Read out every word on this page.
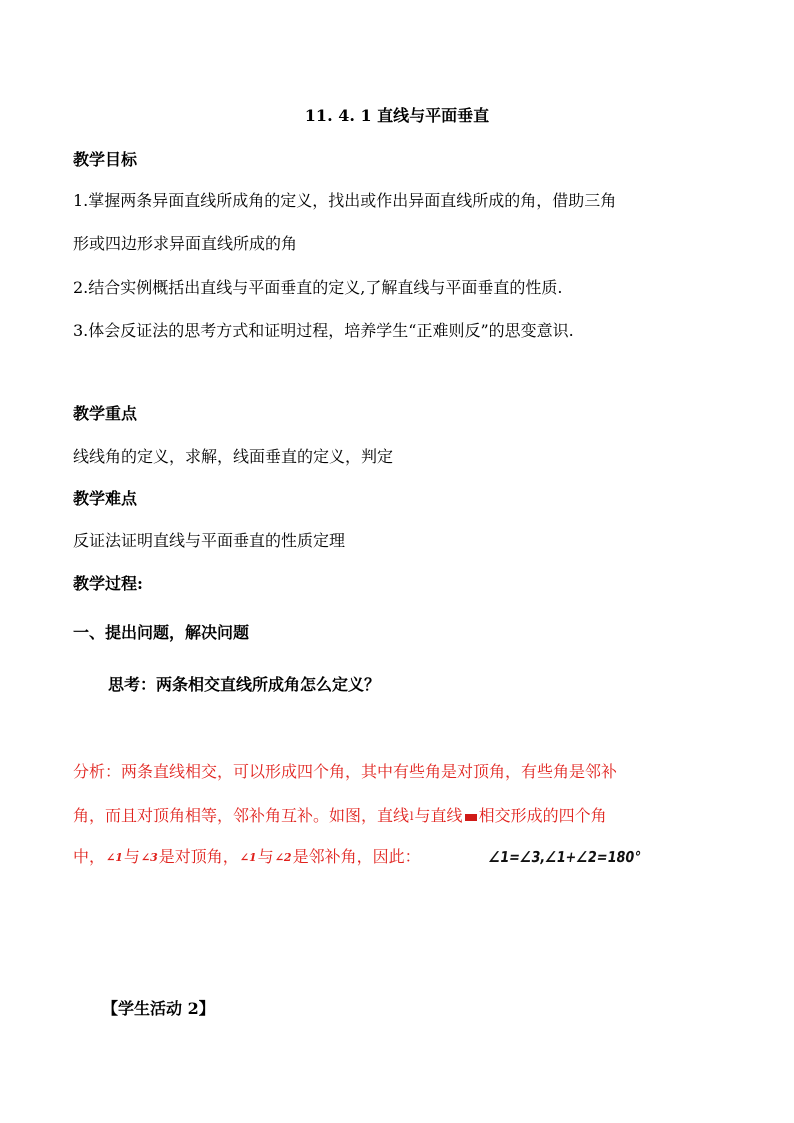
11. 4. 1 直线与平面垂直
教学目标
1.掌握两条异面直线所成角的定义，找出或作出异面直线所成的角，借助三角
形或四边形求异面直线所成的角
2.结合实例概括出直线与平面垂直的定义,了解直线与平面垂直的性质.
3.体会反证法的思考方式和证明过程，培养学生“正难则反”的思变意识.
教学重点
线线角的定义，求解，线面垂直的定义，判定
教学难点
反证法证明直线与平面垂直的性质定理
教学过程:
一、提出问题，解决问题
思考：两条相交直线所成角怎么定义？
分析：两条直线相交，可以形成四个角，其中有些角是对顶角，有些角是邻补
角，而且对顶角相等，邻补角互补。如图，直线l与直线 相交形成的四个角
中，∠1与∠3是对顶角，∠1与∠2是邻补角，因此：	∠1=∠3,∠1+∠2=180°
【学生活动 2】
